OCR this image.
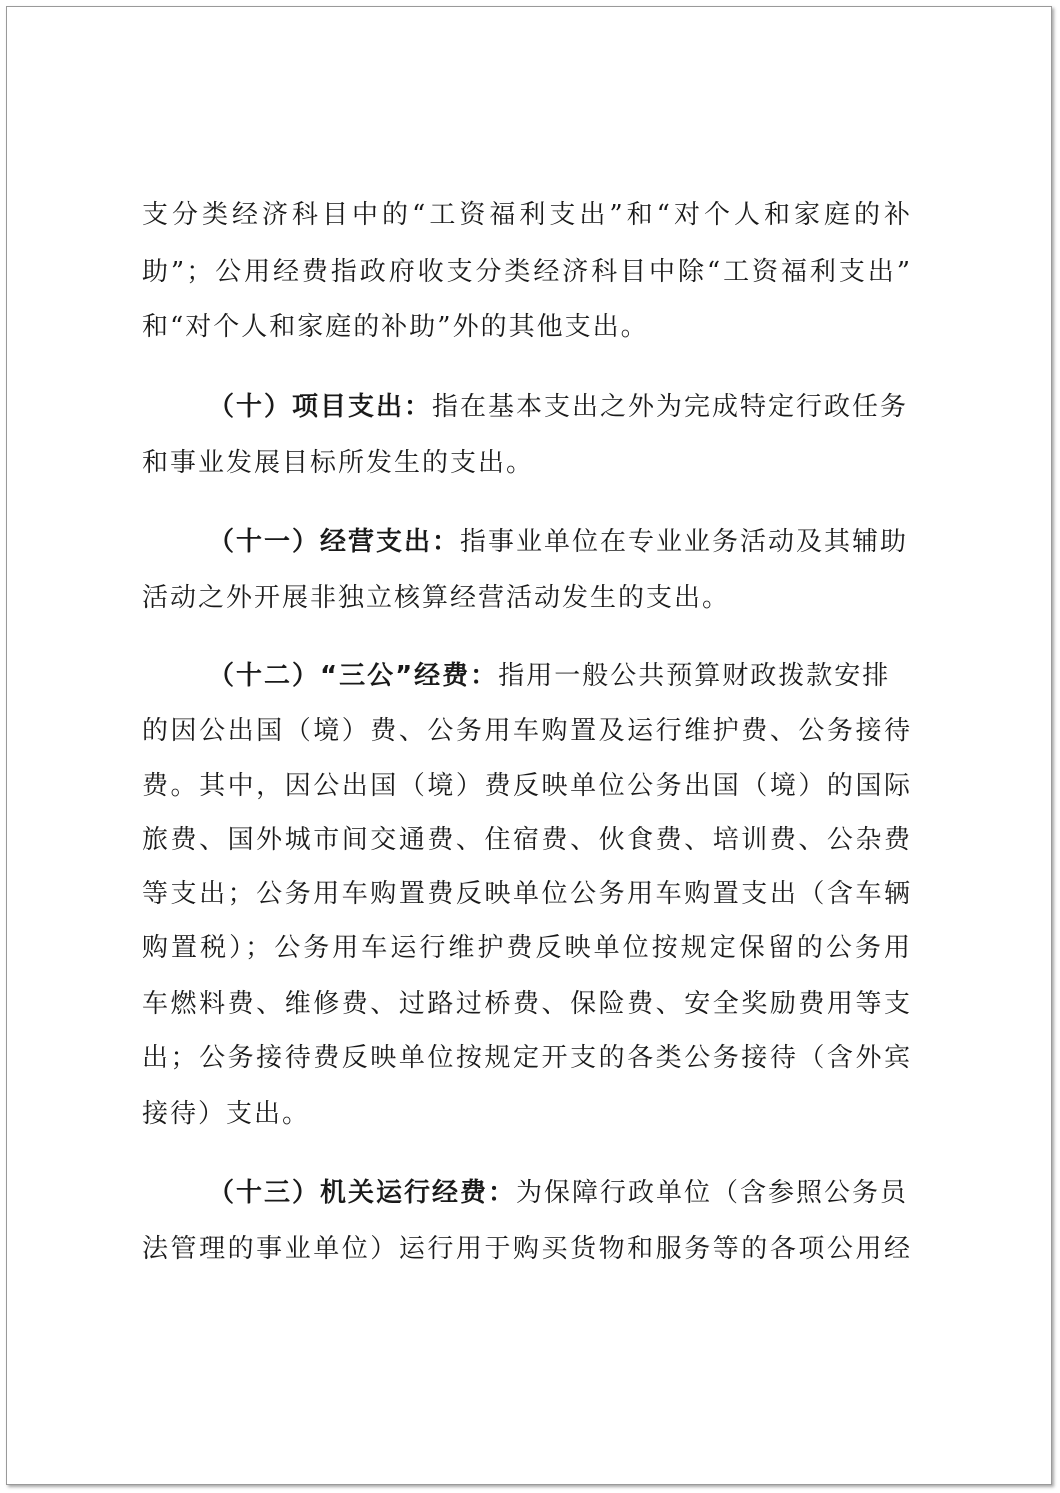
支分类经济科目中的“工资福利支出”和“对个人和家庭的补
助”；公用经费指政府收支分类经济科目中除“工资福利支出”
和“对个人和家庭的补助”外的其他支出。
（十）项目支出：指在基本支出之外为完成特定行政任务
和事业发展目标所发生的支出。
（十一）经营支出：指事业单位在专业业务活动及其辅助
活动之外开展非独立核算经营活动发生的支出。
（十二）“三公”经费：指用一般公共预算财政拨款安排
的因公出国（境）费、公务用车购置及运行维护费、公务接待
费。其中，因公出国（境）费反映单位公务出国（境）的国际
旅费、国外城市间交通费、住宿费、伙食费、培训费、公杂费
等支出；公务用车购置费反映单位公务用车购置支出（含车辆
购置税）；公务用车运行维护费反映单位按规定保留的公务用
车燃料费、维修费、过路过桥费、保险费、安全奖励费用等支
出；公务接待费反映单位按规定开支的各类公务接待（含外宾
接待）支出。
（十三）机关运行经费：为保障行政单位（含参照公务员
法管理的事业单位）运行用于购买货物和服务等的各项公用经
